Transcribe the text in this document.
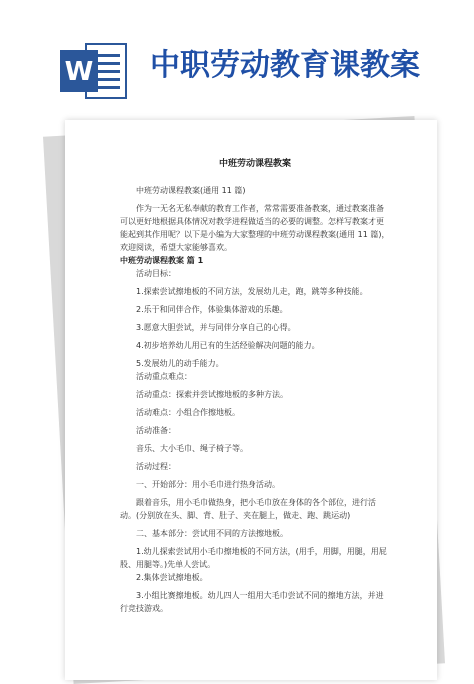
W 中职劳动教育课教案
中班劳动课程教案
中班劳动课程教案(通用 11 篇)
作为一无名无私奉献的教育工作者，常常需要准备教案，通过教案准备可以更好地根据具体情况对教学进程做适当的必要的调整。怎样写教案才更能起到其作用呢？以下是小编为大家整理的中班劳动课程教案(通用 11 篇)，欢迎阅读，希望大家能够喜欢。
中班劳动课程教案 篇 1
活动目标：
1.探索尝试擦地板的不同方法，发展幼儿走，跑，跳等多种技能。
2.乐于和同伴合作，体验集体游戏的乐趣。
3.愿意大胆尝试，并与同伴分享自己的心得。
4.初步培养幼儿用已有的生活经验解决问题的能力。
5.发展幼儿的动手能力。
活动重点难点：
活动重点：探索并尝试擦地板的多种方法。
活动难点：小组合作擦地板。
活动准备：
音乐、大小毛巾、绳子椅子等。
活动过程：
一、开始部分：用小毛巾进行热身活动。
跟着音乐，用小毛巾做热身，把小毛巾放在身体的各个部位，进行活动。(分别放在头、脚、背、肚子、夹在腿上，做走、跑、跳运动)
二、基本部分：尝试用不同的方法擦地板。
1.幼儿探索尝试用小毛巾擦地板的不同方法，(用手，用脚，用腿，用屁股、用腿等。)先单人尝试。
2.集体尝试擦地板。
3.小组比赛擦地板。幼儿四人一组用大毛巾尝试不同的擦地方法，并进行竞技游戏。
